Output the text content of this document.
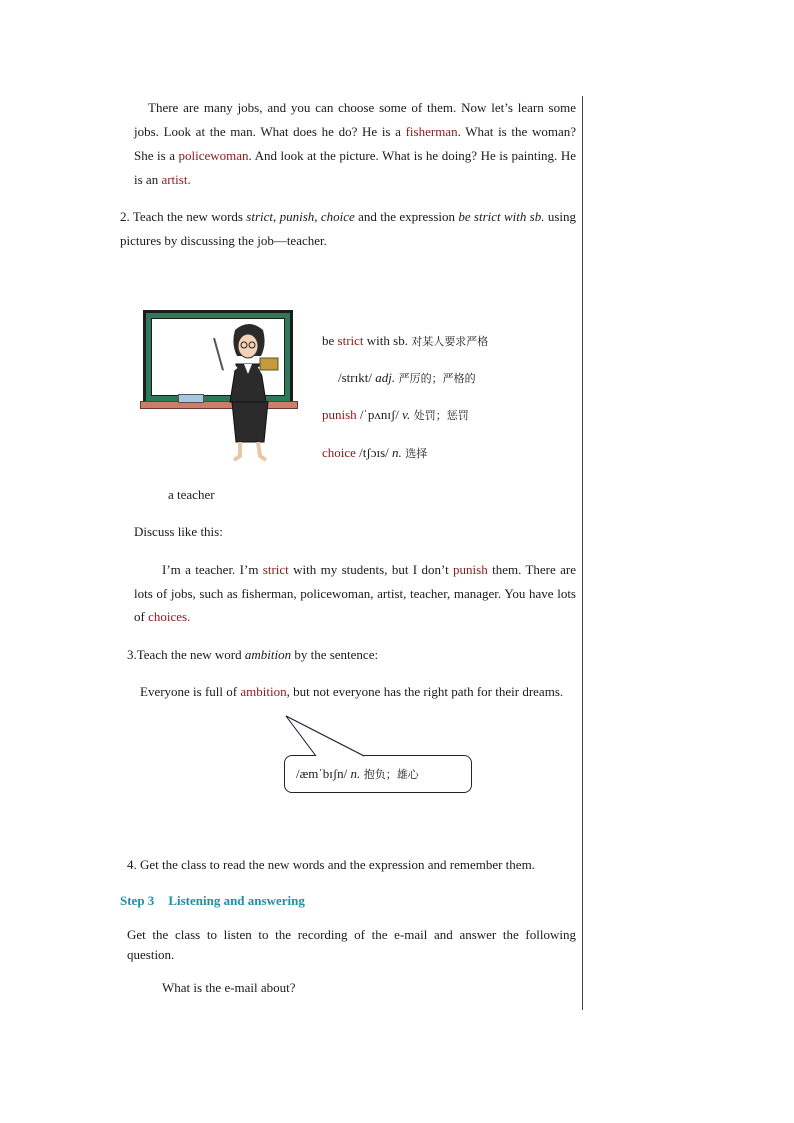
There are many jobs, and you can choose some of them. Now let’s learn some jobs. Look at the man. What does he do? He is a fisherman. What is the woman? She is a policewoman. And look at the picture. What is he doing? He is painting. He is an artist.
2. Teach the new words strict, punish, choice and the expression be strict with sb. using pictures by discussing the job—teacher.
be strict with sb. 对某人要求严格
/strɪkt/ adj. 严厉的；严格的
punish /ˈpʌnɪʃ/ v. 处罚；惩罚
choice /tʃɔɪs/ n. 选择
a teacher
Discuss like this:
I’m a teacher. I’m strict with my students, but I don’t punish them. There are lots of jobs, such as fisherman, policewoman, artist, teacher, manager. You have lots of choices.
3.Teach the new word ambition by the sentence:
Everyone is full of ambition, but not everyone has the right path for their dreams.
/æmˈbɪʃn/ n. 抱负；雄心
4. Get the class to read the new words and the expression and remember them.
Step 3 Listening and answering
Get the class to listen to the recording of the e-mail and answer the following question.
What is the e-mail about?
